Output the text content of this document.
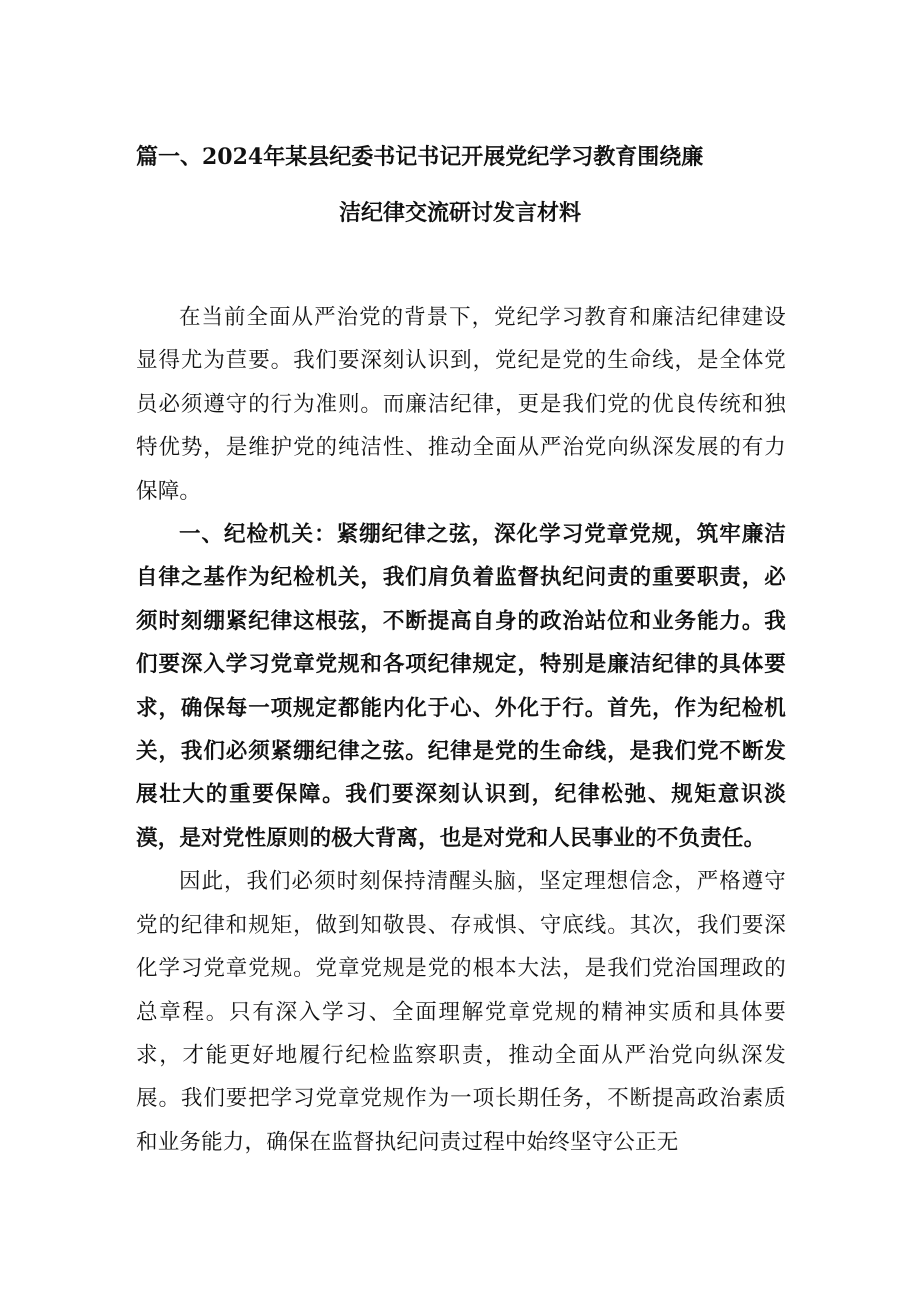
篇一、2024年某县纪委书记书记开展党纪学习教育围绕廉
洁纪律交流研讨发言材料

在当前全面从严治党的背景下，党纪学习教育和廉洁纪律建设显得尤为苣要。我们要深刻认识到，党纪是党的生命线，是全体党员必须遵守的行为准则。而廉洁纪律，更是我们党的优良传统和独特优势，是维护党的纯洁性、推动全面从严治党向纵深发展的有力保障。

一、纪检机关：紧绷纪律之弦，深化学习党章党规，筑牢廉洁自律之基作为纪检机关，我们肩负着监督执纪问责的重要职责，必须时刻绷紧纪律这根弦，不断提高自身的政治站位和业务能力。我们要深入学习党章党规和各项纪律规定，特别是廉洁纪律的具体要求，确保每一项规定都能内化于心、外化于行。首先，作为纪检机关，我们必须紧绷纪律之弦。纪律是党的生命线，是我们党不断发展壮大的重要保障。我们要深刻认识到，纪律松弛、规矩意识淡漠，是对党性原则的极大背离，也是对党和人民事业的不负责任。

因此，我们必须时刻保持清醒头脑，坚定理想信念，严格遵守党的纪律和规矩，做到知敬畏、存戒惧、守底线。其次，我们要深化学习党章党规。党章党规是党的根本大法，是我们党治国理政的总章程。只有深入学习、全面理解党章党规的精神实质和具体要求，才能更好地履行纪检监察职责，推动全面从严治党向纵深发展。我们要把学习党章党规作为一项长期任务，不断提高政治素质和业务能力，确保在监督执纪问责过程中始终坚守公正无
